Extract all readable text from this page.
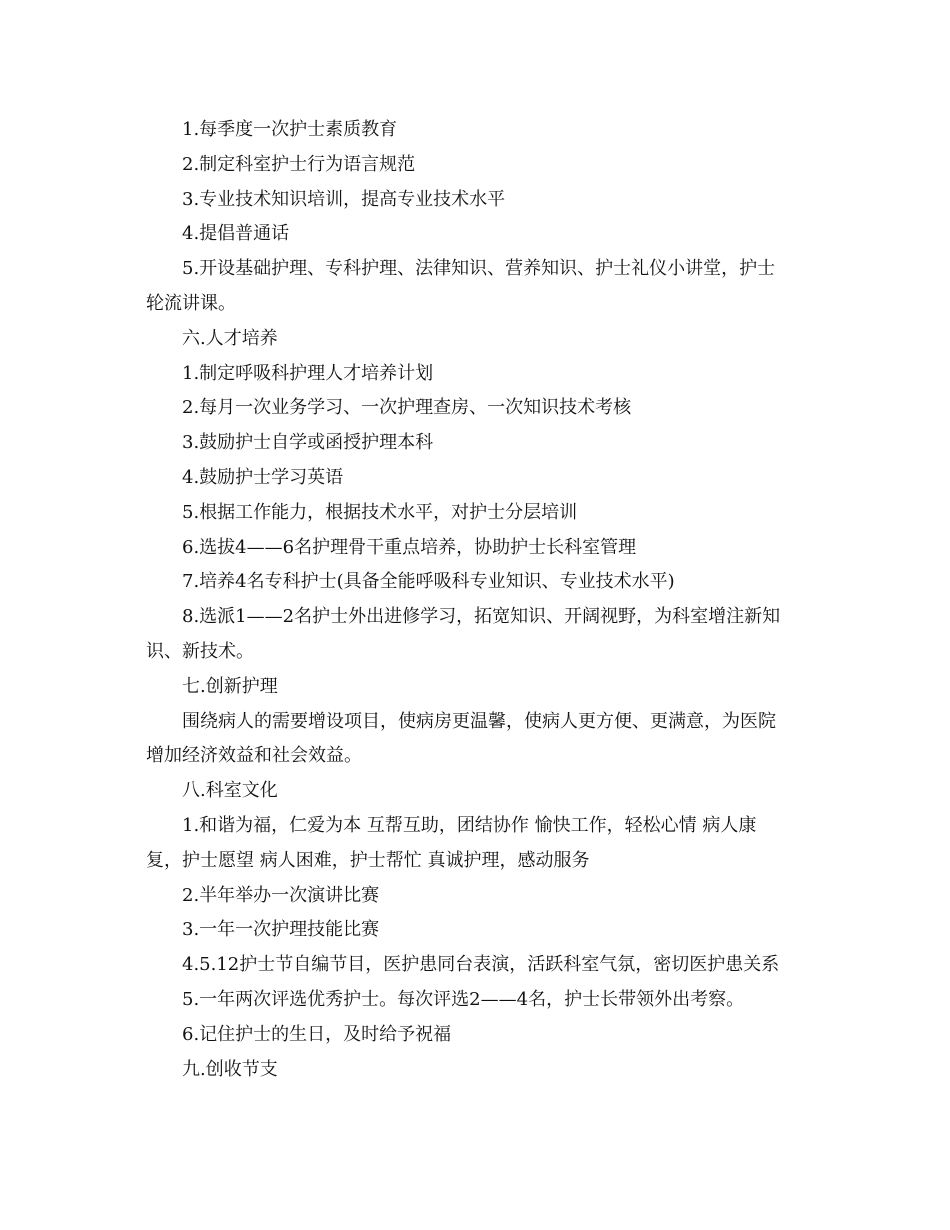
1.每季度一次护士素质教育
2.制定科室护士行为语言规范
3.专业技术知识培训，提高专业技术水平
4.提倡普通话
5.开设基础护理、专科护理、法律知识、营养知识、护士礼仪小讲堂，护士
轮流讲课。
六.人才培养
1.制定呼吸科护理人才培养计划
2.每月一次业务学习、一次护理查房、一次知识技术考核
3.鼓励护士自学或函授护理本科
4.鼓励护士学习英语
5.根据工作能力，根据技术水平，对护士分层培训
6.选拔4——6名护理骨干重点培养，协助护士长科室管理
7.培养4名专科护士(具备全能呼吸科专业知识、专业技术水平)
8.选派1——2名护士外出进修学习，拓宽知识、开阔视野，为科室增注新知
识、新技术。
七.创新护理
围绕病人的需要增设项目，使病房更温馨，使病人更方便、更满意，为医院
增加经济效益和社会效益。
八.科室文化
1.和谐为福，仁爱为本 互帮互助，团结协作 愉快工作，轻松心情 病人康
复，护士愿望 病人困难，护士帮忙 真诚护理，感动服务
2.半年举办一次演讲比赛
3.一年一次护理技能比赛
4.5.12护士节自编节目，医护患同台表演，活跃科室气氛，密切医护患关系
5.一年两次评选优秀护士。每次评选2——4名，护士长带领外出考察。
6.记住护士的生日，及时给予祝福
九.创收节支
